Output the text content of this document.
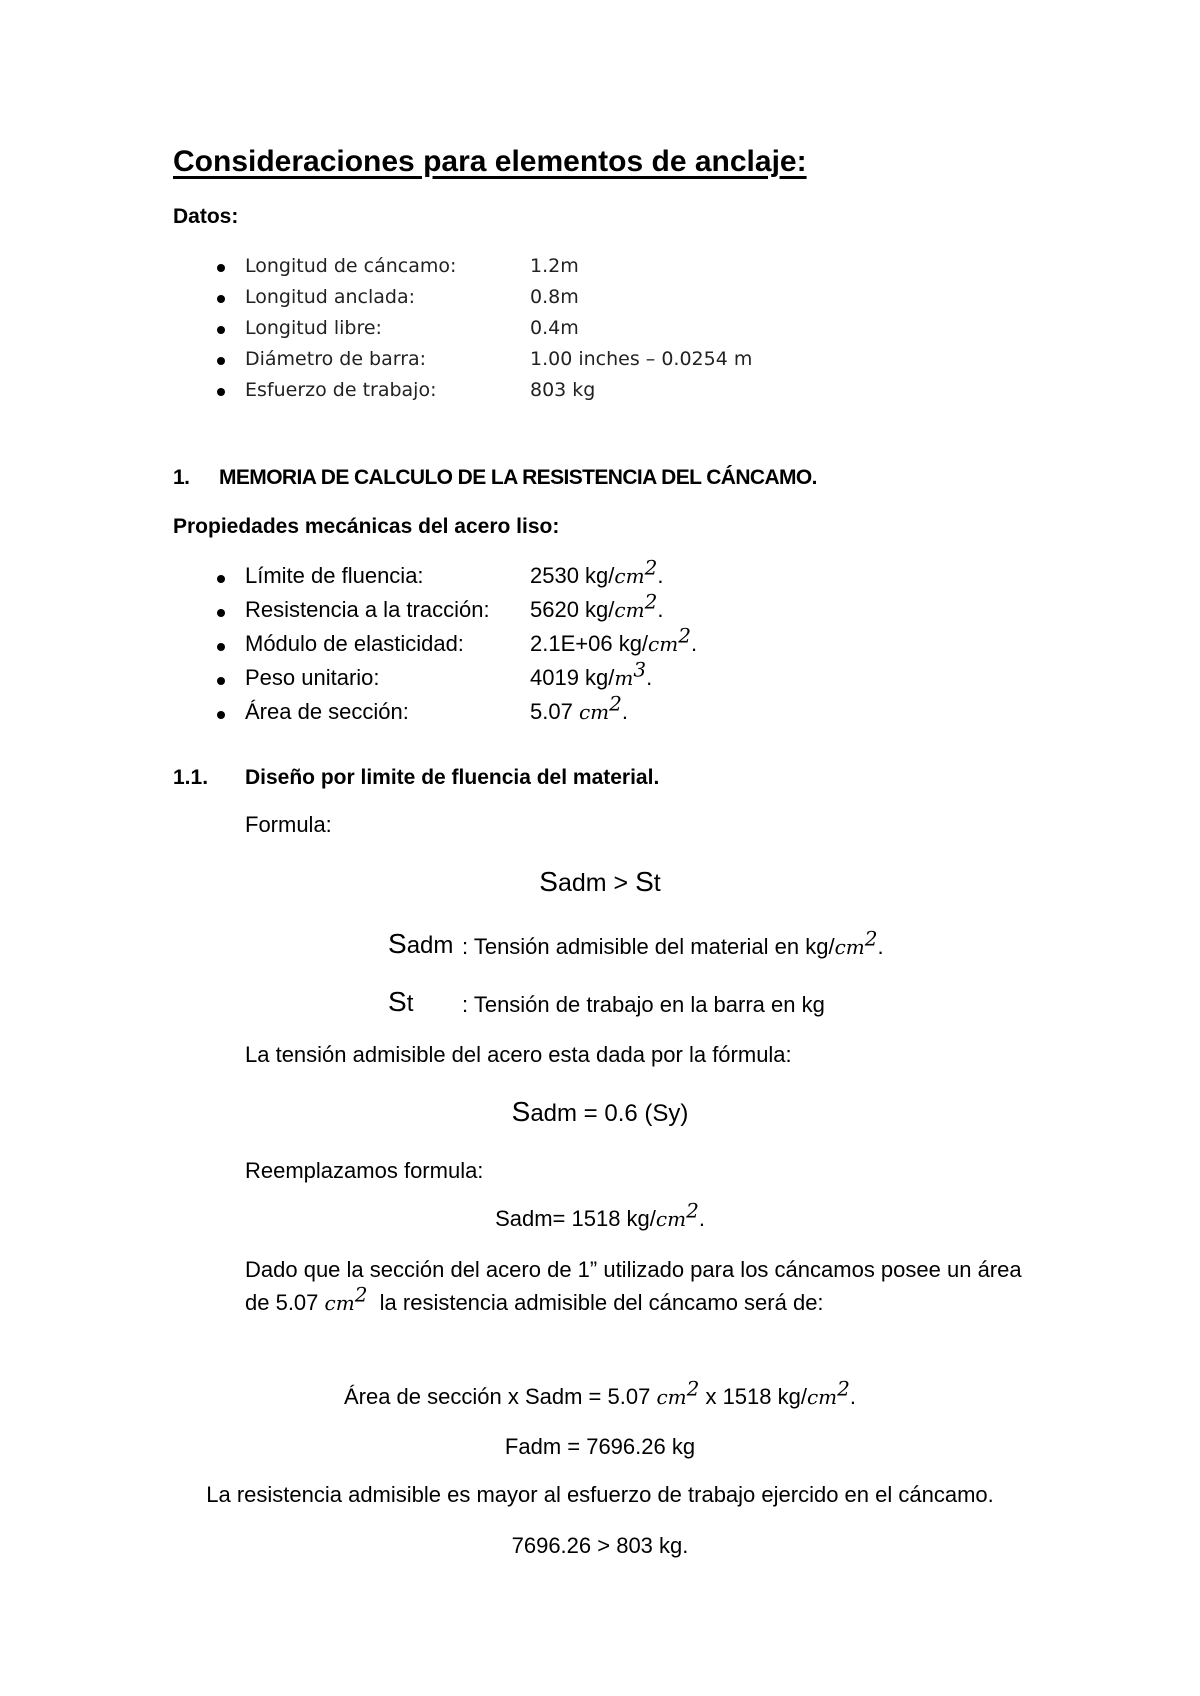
Consideraciones para elementos de anclaje:
Datos:
Longitud de cáncamo:	1.2m
Longitud anclada:	0.8m
Longitud libre:	0.4m
Diámetro de barra:	1.00 inches – 0.0254 m
Esfuerzo de trabajo:	803 kg
1. MEMORIA DE CALCULO DE LA RESISTENCIA DEL CÁNCAMO.
Propiedades mecánicas del acero liso:
Límite de fluencia:	2530 $kg/cm^2$.
Resistencia a la tracción: 5620 $kg/cm^2$.
Módulo de elasticidad:	2.1E+06 $kg/cm^2$.
Peso unitario:	4019 $kg/m^3$.
Área de sección:	5.07 $cm^2$.
1.1. Diseño por limite de fluencia del material.
Formula:
Sadm > St
Sadm : Tensión admisible del material en $kg/cm^2$.
St : Tensión de trabajo en la barra en kg
La tensión admisible del acero esta dada por la fórmula:
Sadm = 0.6 (Sy)
Reemplazamos formula:
Sadm= 1518 $kg/cm^2$.
Dado que la sección del acero de 1” utilizado para los cáncamos posee un área
de 5.07 $cm^2$  la resistencia admisible del cáncamo será de:
Área de sección x Sadm = 5.07 $cm^2$ x 1518 $kg/cm^2$.
Fadm = 7696.26 kg
La resistencia admisible es mayor al esfuerzo de trabajo ejercido en el cáncamo.
7696.26 > 803 kg.
